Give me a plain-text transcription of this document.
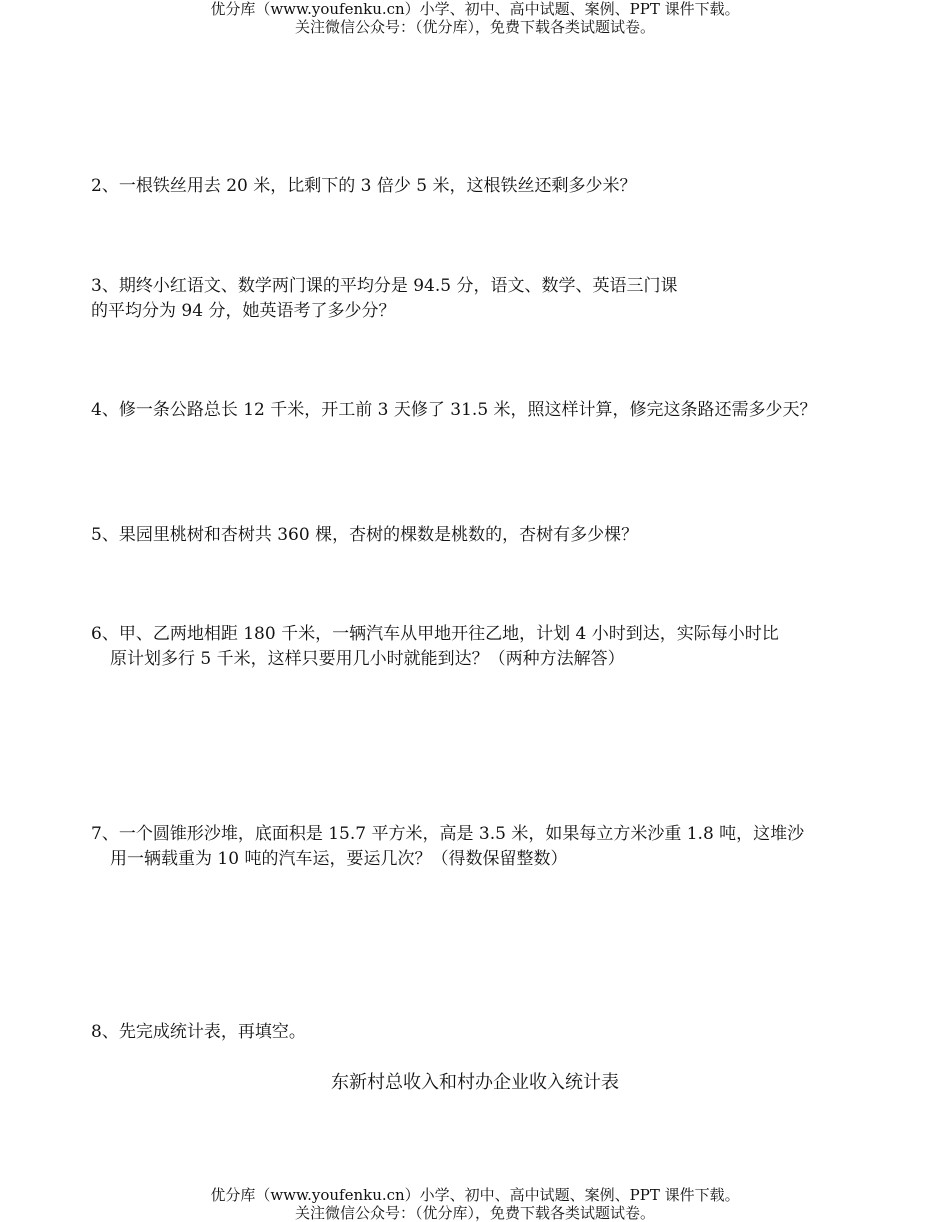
优分库（www.youfenku.cn）小学、初中、高中试题、案例、PPT 课件下载。
关注微信公众号：（优分库），免费下载各类试题试卷。
2、一根铁丝用去 20 米，比剩下的 3 倍少 5 米，这根铁丝还剩多少米？
3、期终小红语文、数学两门课的平均分是 94.5 分，语文、数学、英语三门课
的平均分为 94 分，她英语考了多少分？
4、修一条公路总长 12 千米，开工前 3 天修了 31.5 米，照这样计算，修完这条路还需多少天？
5、果园里桃树和杏树共 360 棵，杏树的棵数是桃数的，杏树有多少棵？
6、甲、乙两地相距 180 千米，一辆汽车从甲地开往乙地，计划 4 小时到达，实际每小时比
原计划多行 5 千米，这样只要用几小时就能到达？（两种方法解答）
7、一个圆锥形沙堆，底面积是 15.7 平方米，高是 3.5 米，如果每立方米沙重 1.8 吨，这堆沙
用一辆载重为 10 吨的汽车运，要运几次？（得数保留整数）
8、先完成统计表，再填空。
东新村总收入和村办企业收入统计表
优分库（www.youfenku.cn）小学、初中、高中试题、案例、PPT 课件下载。
关注微信公众号：（优分库），免费下载各类试题试卷。
